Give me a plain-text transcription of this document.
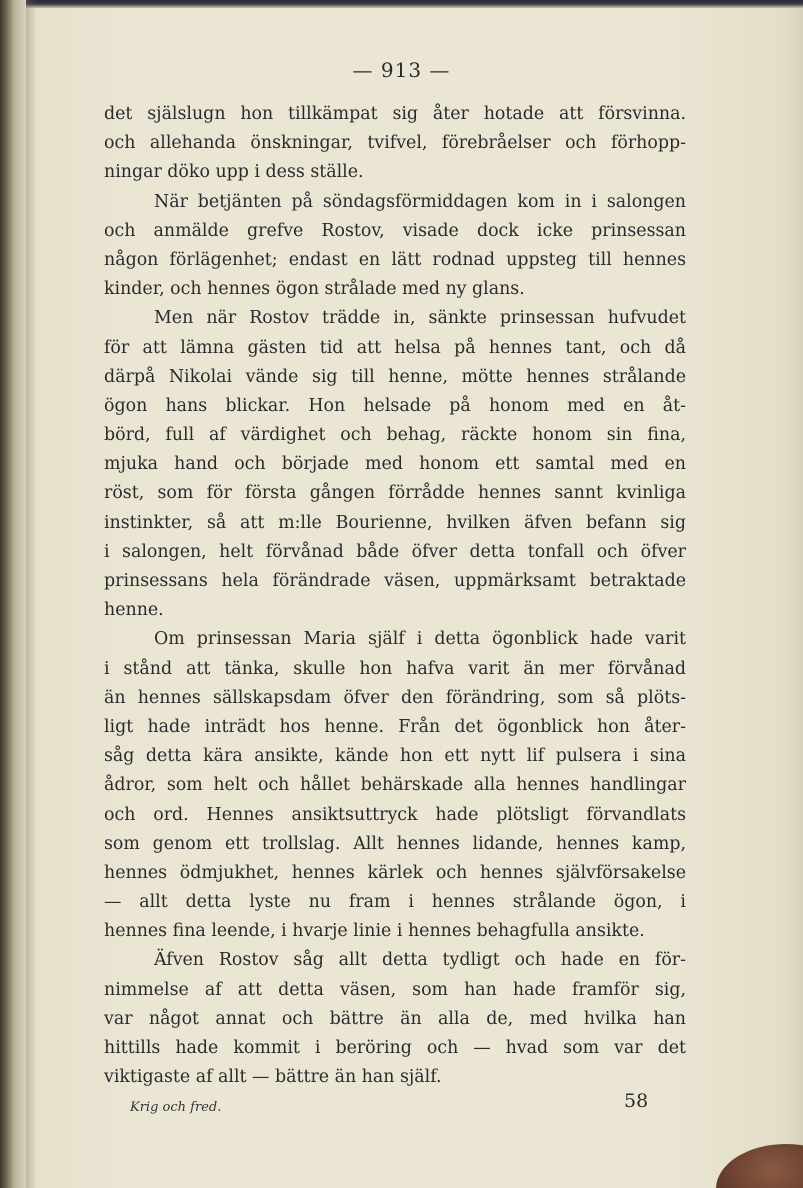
— 913 —
det själslugn hon tillkämpat sig åter hotade att försvinna.
och allehanda önskningar, tvifvel, förebråelser och förhopp-
ningar döko upp i dess ställe.
När betjänten på söndagsförmiddagen kom in i salongen
och anmälde grefve Rostov, visade dock icke prinsessan
någon förlägenhet; endast en lätt rodnad uppsteg till hennes
kinder, och hennes ögon strålade med ny glans.
Men när Rostov trädde in, sänkte prinsessan hufvudet
för att lämna gästen tid att helsa på hennes tant, och då
därpå Nikolai vände sig till henne, mötte hennes strålande
ögon hans blickar. Hon helsade på honom med en åt-
börd, full af värdighet och behag, räckte honom sin fina,
mjuka hand och började med honom ett samtal med en
röst, som för första gången förrådde hennes sannt kvinliga
instinkter, så att m:lle Bourienne, hvilken äfven befann sig
i salongen, helt förvånad både öfver detta tonfall och öfver
prinsessans hela förändrade väsen, uppmärksamt betraktade
henne.
Om prinsessan Maria själf i detta ögonblick hade varit
i stånd att tänka, skulle hon hafva varit än mer förvånad
än hennes sällskapsdam öfver den förändring, som så plöts-
ligt hade inträdt hos henne. Från det ögonblick hon åter-
såg detta kära ansikte, kände hon ett nytt lif pulsera i sina
ådror, som helt och hållet behärskade alla hennes handlingar
och ord. Hennes ansiktsuttryck hade plötsligt förvandlats
som genom ett trollslag. Allt hennes lidande, hennes kamp,
hennes ödmjukhet, hennes kärlek och hennes självförsakelse
— allt detta lyste nu fram i hennes strålande ögon, i
hennes fina leende, i hvarje linie i hennes behagfulla ansikte.
Äfven Rostov såg allt detta tydligt och hade en för-
nimmelse af att detta väsen, som han hade framför sig,
var något annat och bättre än alla de, med hvilka han
hittills hade kommit i beröring och — hvad som var det
viktigaste af allt — bättre än han själf.
Krig och fred.	58
